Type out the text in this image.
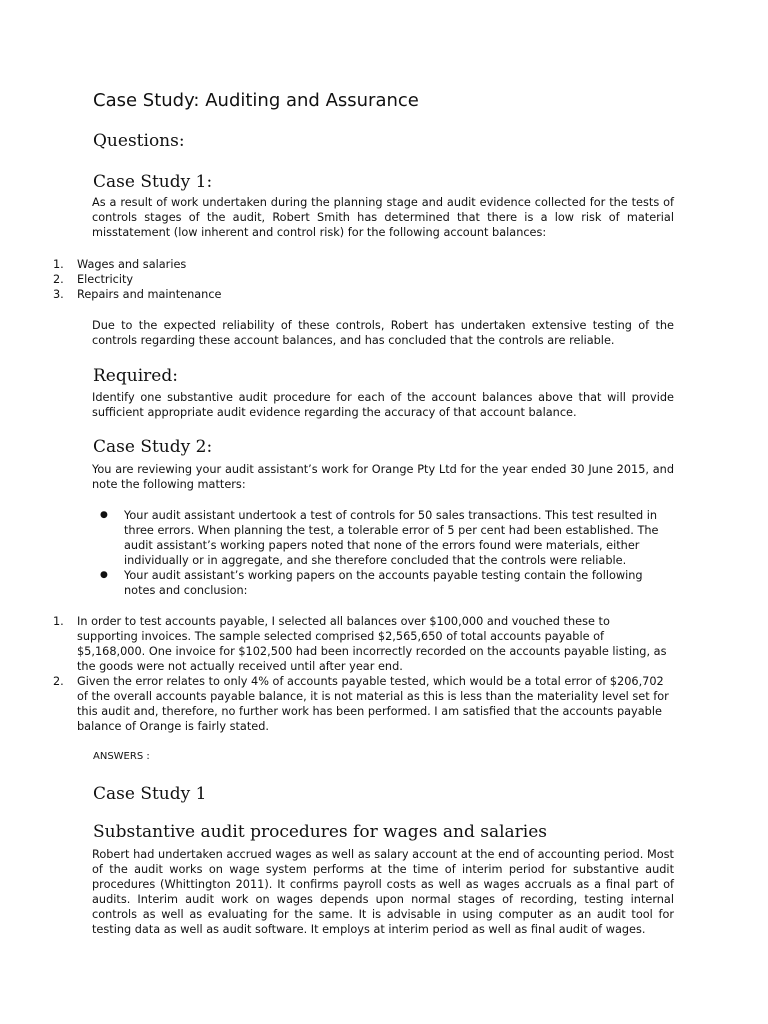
Case Study: Auditing and Assurance
Questions:
Case Study 1:

As a result of work undertaken during the planning stage and audit evidence collected for the tests of controls stages of the audit, Robert Smith has determined that there is a low risk of material misstatement (low inherent and control risk) for the following account balances:

1. Wages and salaries
2. Electricity
3. Repairs and maintenance

Due to the expected reliability of these controls, Robert has undertaken extensive testing of the controls regarding these account balances, and has concluded that the controls are reliable.

Required:

Identify one substantive audit procedure for each of the account balances above that will provide sufficient appropriate audit evidence regarding the accuracy of that account balance.

Case Study 2:

You are reviewing your audit assistant’s work for Orange Pty Ltd for the year ended 30 June 2015, and note the following matters:

● Your audit assistant undertook a test of controls for 50 sales transactions. This test resulted in three errors. When planning the test, a tolerable error of 5 per cent had been established. The audit assistant’s working papers noted that none of the errors found were materials, either individually or in aggregate, and she therefore concluded that the controls were reliable.
● Your audit assistant’s working papers on the accounts payable testing contain the following notes and conclusion:
1. In order to test accounts payable, I selected all balances over $100,000 and vouched these to supporting invoices. The sample selected comprised $2,565,650 of total accounts payable of $5,168,000. One invoice for $102,500 had been incorrectly recorded on the accounts payable listing, as the goods were not actually received until after year end.
2. Given the error relates to only 4% of accounts payable tested, which would be a total error of $206,702 of the overall accounts payable balance, it is not material as this is less than the materiality level set for this audit and, therefore, no further work has been performed. I am satisfied that the accounts payable balance of Orange is fairly stated.

ANSWERS :

Case Study 1
Substantive audit procedures for wages and salaries

Robert had undertaken accrued wages as well as salary account at the end of accounting period. Most of the audit works on wage system performs at the time of interim period for substantive audit procedures (Whittington 2011). It confirms payroll costs as well as wages accruals as a final part of audits. Interim audit work on wages depends upon normal stages of recording, testing internal controls as well as evaluating for the same. It is advisable in using computer as an audit tool for testing data as well as audit software. It employs at interim period as well as final audit of wages.
